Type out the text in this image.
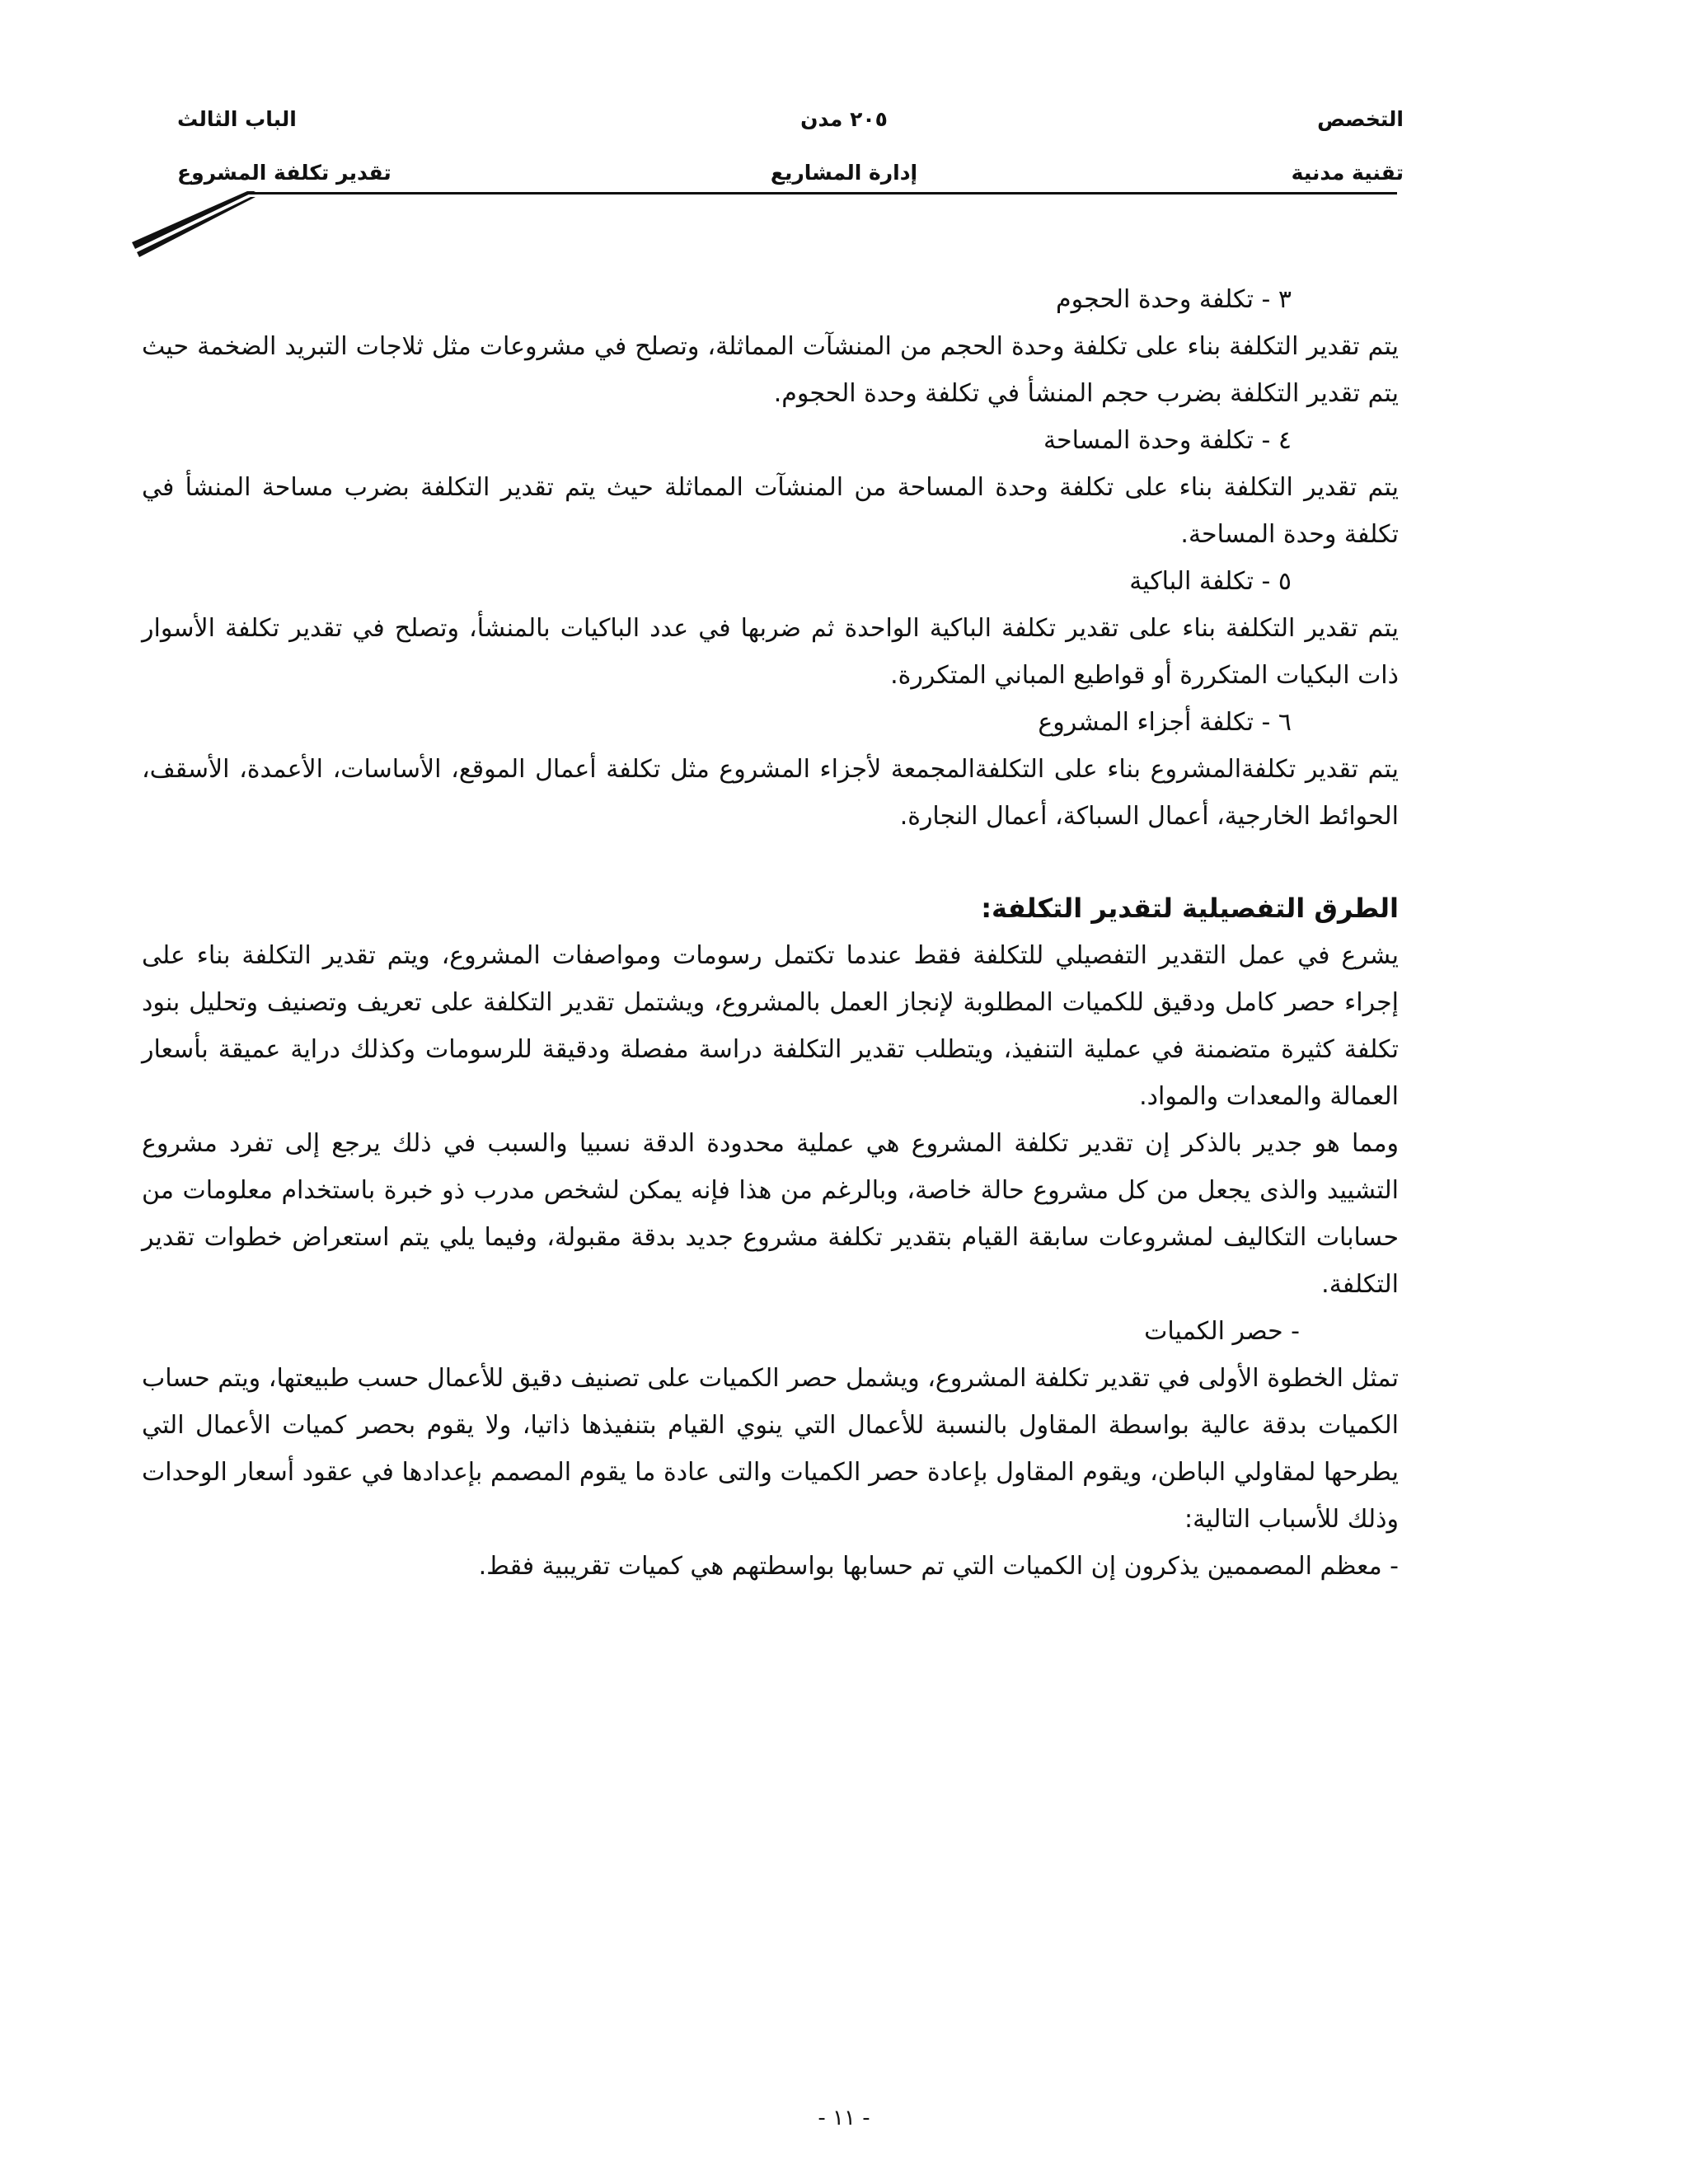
التخصص
٢٠٥ مدن
الباب الثالث
تقنية مدنية
إدارة المشاريع
تقدير تكلفة المشروع

٣ - تكلفة وحدة الحجوم

يتم تقدير التكلفة بناء على تكلفة وحدة الحجم من المنشآت المماثلة، وتصلح في مشروعات مثل ثلاجات التبريد الضخمة حيث يتم تقدير التكلفة بضرب حجم المنشأ في تكلفة وحدة الحجوم.

٤ - تكلفة وحدة المساحة

يتم تقدير التكلفة بناء على تكلفة وحدة المساحة من المنشآت المماثلة حيث يتم تقدير التكلفة بضرب مساحة المنشأ في تكلفة وحدة المساحة.

٥ - تكلفة الباكية

يتم تقدير التكلفة بناء على تقدير تكلفة الباكية الواحدة ثم ضربها في عدد الباكيات بالمنشأ، وتصلح في تقدير تكلفة الأسوار ذات البكيات المتكررة أو قواطيع المباني المتكررة.

٦ - تكلفة أجزاء المشروع

يتم تقدير تكلفةالمشروع بناء على التكلفةالمجمعة لأجزاء المشروع مثل تكلفة أعمال الموقع، الأساسات، الأعمدة، الأسقف، الحوائط الخارجية، أعمال السباكة، أعمال النجارة.

الطرق التفصيلية لتقدير التكلفة:

يشرع في عمل التقدير التفصيلي للتكلفة فقط عندما تكتمل رسومات ومواصفات المشروع، ويتم تقدير التكلفة بناء على إجراء حصر كامل ودقيق للكميات المطلوبة لإنجاز العمل بالمشروع، ويشتمل تقدير التكلفة على تعريف وتصنيف وتحليل بنود تكلفة كثيرة متضمنة في عملية التنفيذ، ويتطلب تقدير التكلفة دراسة مفصلة ودقيقة للرسومات وكذلك دراية عميقة بأسعار العمالة والمعدات والمواد.

ومما هو جدير بالذكر إن تقدير تكلفة المشروع هي عملية محدودة الدقة نسبيا والسبب في ذلك يرجع إلى تفرد مشروع التشييد والذى يجعل من كل مشروع حالة خاصة، وبالرغم من هذا فإنه يمكن لشخص مدرب ذو خبرة باستخدام معلومات من حسابات التكاليف لمشروعات سابقة القيام بتقدير تكلفة مشروع جديد بدقة مقبولة، وفيما يلي يتم استعراض خطوات تقدير التكلفة.

- حصر الكميات

تمثل الخطوة الأولى في تقدير تكلفة المشروع، ويشمل حصر الكميات على تصنيف دقيق للأعمال حسب طبيعتها، ويتم حساب الكميات بدقة عالية بواسطة المقاول بالنسبة للأعمال التي ينوي القيام بتنفيذها ذاتيا، ولا يقوم بحصر كميات الأعمال التي يطرحها لمقاولي الباطن، ويقوم المقاول بإعادة حصر الكميات والتى عادة ما يقوم المصمم بإعدادها في عقود أسعار الوحدات وذلك للأسباب التالية:

- معظم المصممين يذكرون إن الكميات التي تم حسابها بواسطتهم هي كميات تقريبية فقط.

- ١١ -
